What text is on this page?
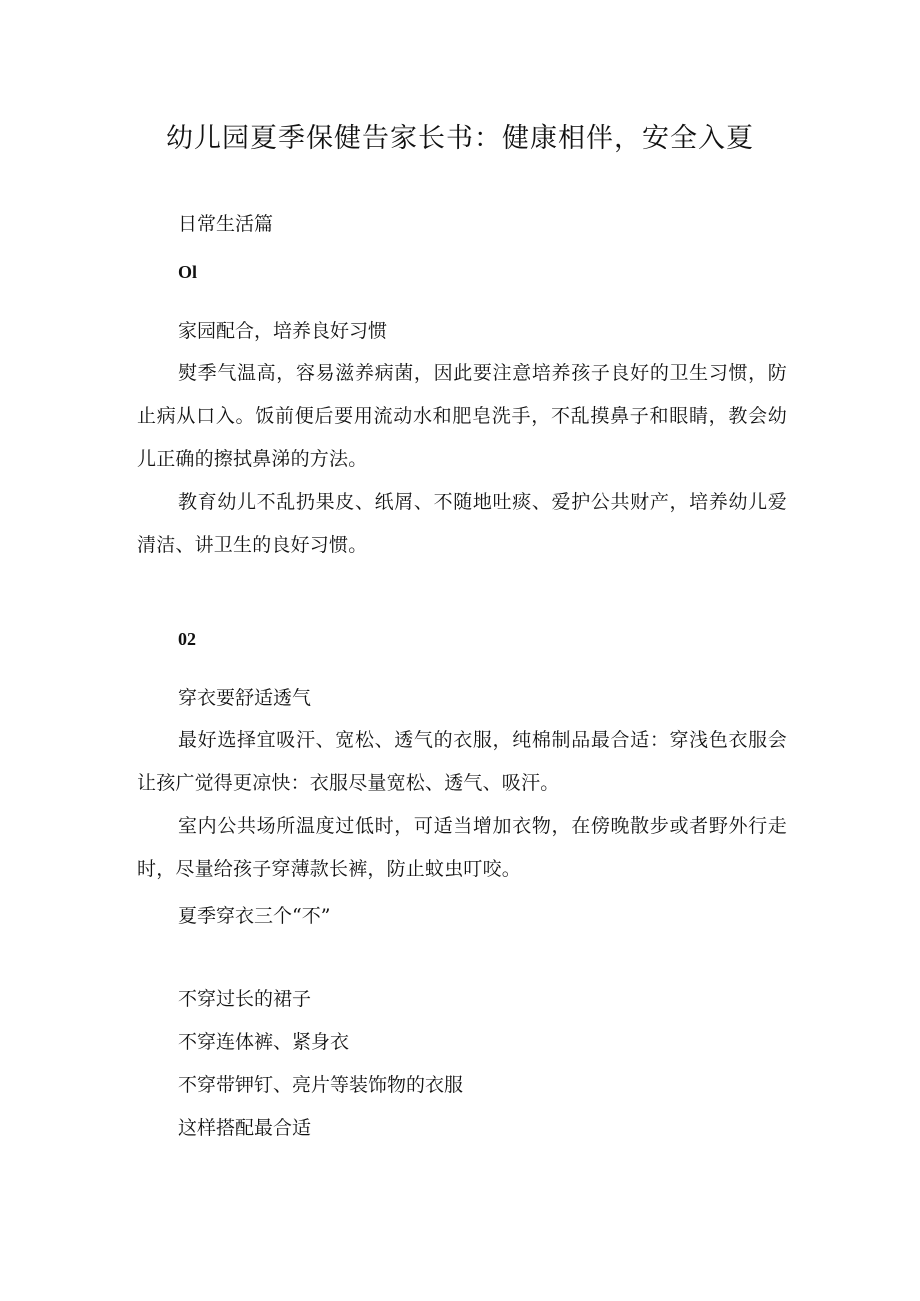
幼儿园夏季保健告家长书：健康相伴，安全入夏
日常生活篇
Ol
家园配合，培养良好习惯
熨季气温高，容易滋养病菌，因此要注意培养孩子良好的卫生习惯，防止病从口入。饭前便后要用流动水和肥皂洗手，不乱摸鼻子和眼睛，教会幼儿正确的擦拭鼻涕的方法。
教育幼儿不乱扔果皮、纸屑、不随地吐痰、爱护公共财产，培养幼儿爱清洁、讲卫生的良好习惯。
02
穿衣要舒适透气
最好选择宜吸汗、宽松、透气的衣服，纯棉制品最合适：穿浅色衣服会让孩广觉得更凉快：衣服尽量宽松、透气、吸汗。
室内公共场所温度过低时，可适当增加衣物，在傍晚散步或者野外行走时，尽量给孩子穿薄款长裤，防止蚊虫叮咬。
夏季穿衣三个“不”
不穿过长的裙子
不穿连体裤、紧身衣
不穿带钾钉、亮片等装饰物的衣服
这样搭配最合适
